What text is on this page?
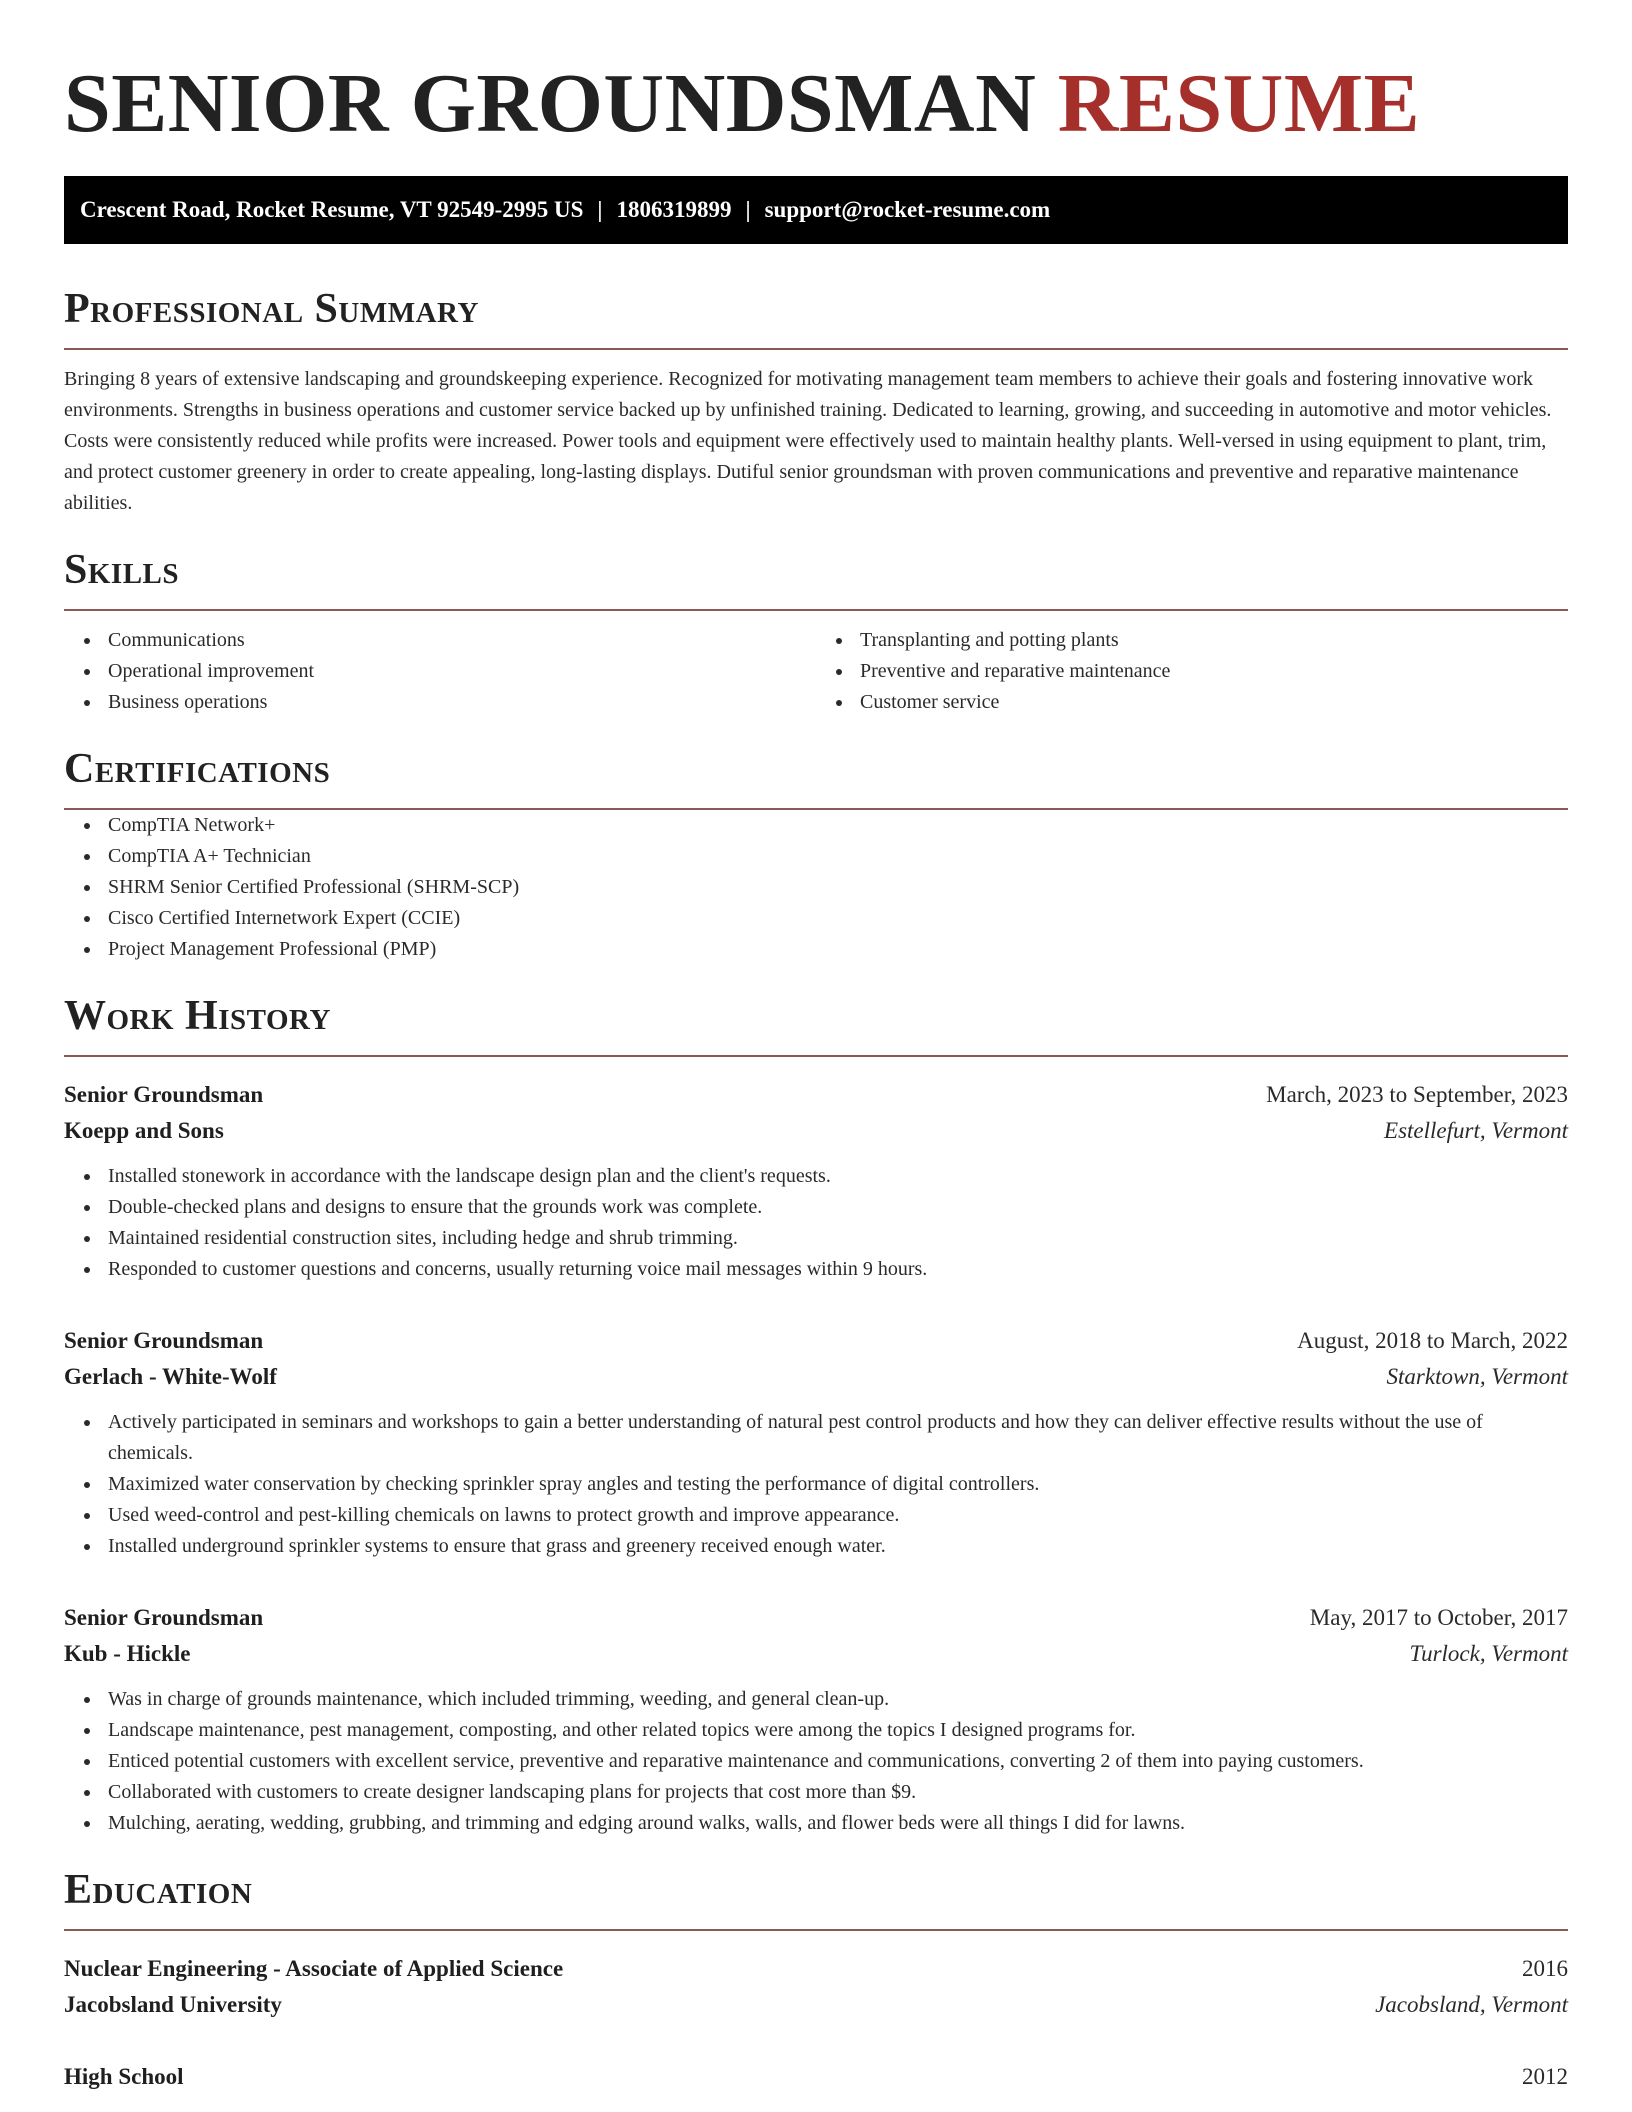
SENIOR GROUNDSMAN RESUME
Crescent Road, Rocket Resume, VT 92549-2995 US | 1806319899 | support@rocket-resume.com
Professional Summary

Bringing 8 years of extensive landscaping and groundskeeping experience. Recognized for motivating management team members to achieve their goals and fostering innovative work environments. Strengths in business operations and customer service backed up by unfinished training. Dedicated to learning, growing, and succeeding in automotive and motor vehicles. Costs were consistently reduced while profits were increased. Power tools and equipment were effectively used to maintain healthy plants. Well-versed in using equipment to plant, trim, and protect customer greenery in order to create appealing, long-lasting displays. Dutiful senior groundsman with proven communications and preventive and reparative maintenance abilities.

Skills
Communications
Operational improvement
Business operations
Transplanting and potting plants
Preventive and reparative maintenance
Customer service
Certifications
CompTIA Network+
CompTIA A+ Technician
SHRM Senior Certified Professional (SHRM-SCP)
Cisco Certified Internetwork Expert (CCIE)
Project Management Professional (PMP)
Work History
Senior Groundsman	March, 2023 to September, 2023
Koepp and Sons	Estellefurt, Vermont
Installed stonework in accordance with the landscape design plan and the client's requests.
Double-checked plans and designs to ensure that the grounds work was complete.
Maintained residential construction sites, including hedge and shrub trimming.
Responded to customer questions and concerns, usually returning voice mail messages within 9 hours.
Senior Groundsman	August, 2018 to March, 2022
Gerlach - White-Wolf	Starktown, Vermont
Actively participated in seminars and workshops to gain a better understanding of natural pest control products and how they can deliver effective results without the use of chemicals.
Maximized water conservation by checking sprinkler spray angles and testing the performance of digital controllers.
Used weed-control and pest-killing chemicals on lawns to protect growth and improve appearance.
Installed underground sprinkler systems to ensure that grass and greenery received enough water.
Senior Groundsman	May, 2017 to October, 2017
Kub - Hickle	Turlock, Vermont
Was in charge of grounds maintenance, which included trimming, weeding, and general clean-up.
Landscape maintenance, pest management, composting, and other related topics were among the topics I designed programs for.
Enticed potential customers with excellent service, preventive and reparative maintenance and communications, converting 2 of them into paying customers.
Collaborated with customers to create designer landscaping plans for projects that cost more than $9.
Mulching, aerating, wedding, grubbing, and trimming and edging around walks, walls, and flower beds were all things I did for lawns.
Education
Nuclear Engineering - Associate of Applied Science	2016
Jacobsland University	Jacobsland, Vermont
High School	2012
